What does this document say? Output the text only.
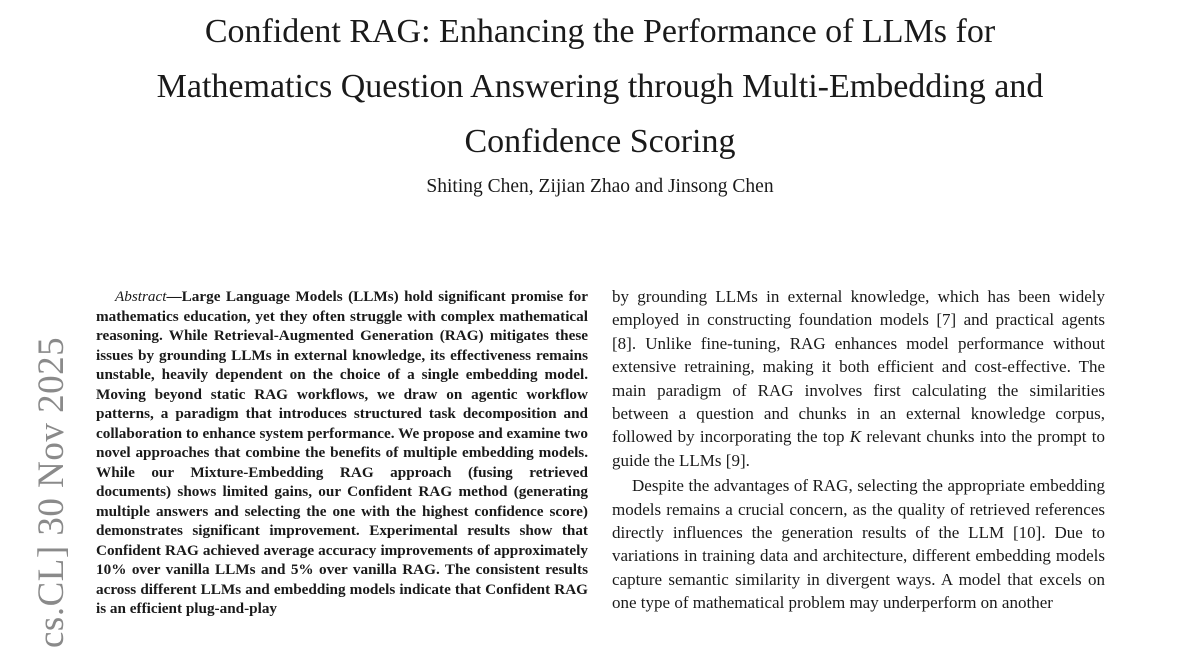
Confident RAG: Enhancing the Performance of LLMs for
Mathematics Question Answering through Multi-Embedding and
Confidence Scoring
Shiting Chen, Zijian Zhao and Jinsong Chen
cs.CL] 30 Nov 2025
Abstract—Large Language Models (LLMs) hold significant promise for mathematics education, yet they often struggle with complex mathematical reasoning. While Retrieval-Augmented Generation (RAG) mitigates these issues by grounding LLMs in external knowledge, its effectiveness remains unstable, heavily dependent on the choice of a single embedding model. Moving beyond static RAG workflows, we draw on agentic workflow patterns, a paradigm that introduces structured task decomposition and collaboration to enhance system performance. We propose and examine two novel approaches that combine the benefits of multiple embedding models. While our Mixture-Embedding RAG approach (fusing retrieved documents) shows limited gains, our Confident RAG method (generating multiple answers and selecting the one with the highest confidence score) demonstrates significant improvement. Experimental results show that Confident RAG achieved average accuracy improvements of approximately 10% over vanilla LLMs and 5% over vanilla RAG. The consistent results across different LLMs and embedding models indicate that Confident RAG is an efficient plug-and-play

by grounding LLMs in external knowledge, which has been widely employed in constructing foundation models [7] and practical agents [8]. Unlike fine-tuning, RAG enhances model performance without extensive retraining, making it both efficient and cost-effective. The main paradigm of RAG involves first calculating the similarities between a question and chunks in an external knowledge corpus, followed by incorporating the top K relevant chunks into the prompt to guide the LLMs [9].

Despite the advantages of RAG, selecting the appropriate embedding models remains a crucial concern, as the quality of retrieved references directly influences the generation results of the LLM [10]. Due to variations in training data and architecture, different embedding models capture semantic similarity in divergent ways. A model that excels on one type of mathematical problem may underperform on another
